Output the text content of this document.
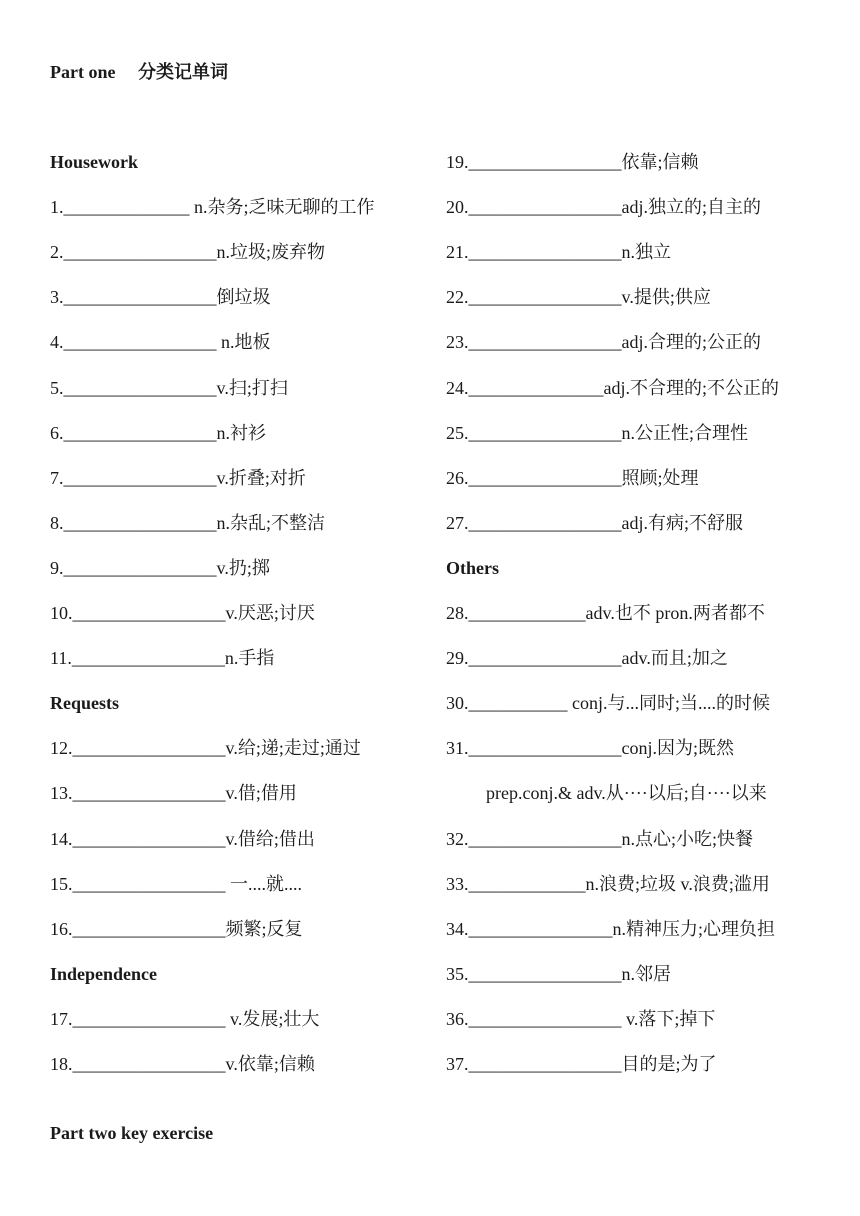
Part one　 分类记单词
Housework
1.______________ n.杂务;乏味无聊的工作
2._________________n.垃圾;废弃物
3._________________倒垃圾
4._________________ n.地板
5._________________v.扫;打扫
6._________________n.衬衫
7._________________v.折叠;对折
8._________________n.杂乱;不整洁
9._________________v.扔;掷
10._________________v.厌恶;讨厌
11._________________n.手指
Requests
12._________________v.给;递;走过;通过
13._________________v.借;借用
14._________________v.借给;借出
15._________________ 一....就....
16._________________频繁;反复
Independence
17._________________ v.发展;壮大
18._________________v.依靠;信赖
19._________________依靠;信赖
20._________________adj.独立的;自主的
21._________________n.独立
22._________________v.提供;供应
23._________________adj.合理的;公正的
24._______________adj.不合理的;不公正的
25._________________n.公正性;合理性
26._________________照顾;处理
27._________________adj.有病;不舒服
Others
28._____________adv.也不 pron.两者都不
29._________________adv.而且;加之
30.___________ conj.与...同时;当....的时候
31._________________conj.因为;既然
prep.conj.& adv.从····以后;自····以来
32._________________n.点心;小吃;快餐
33._____________n.浪费;垃圾 v.浪费;滥用
34.________________n.精神压力;心理负担
35._________________n.邻居
36._________________ v.落下;掉下
37._________________目的是;为了
Part two key exercise
